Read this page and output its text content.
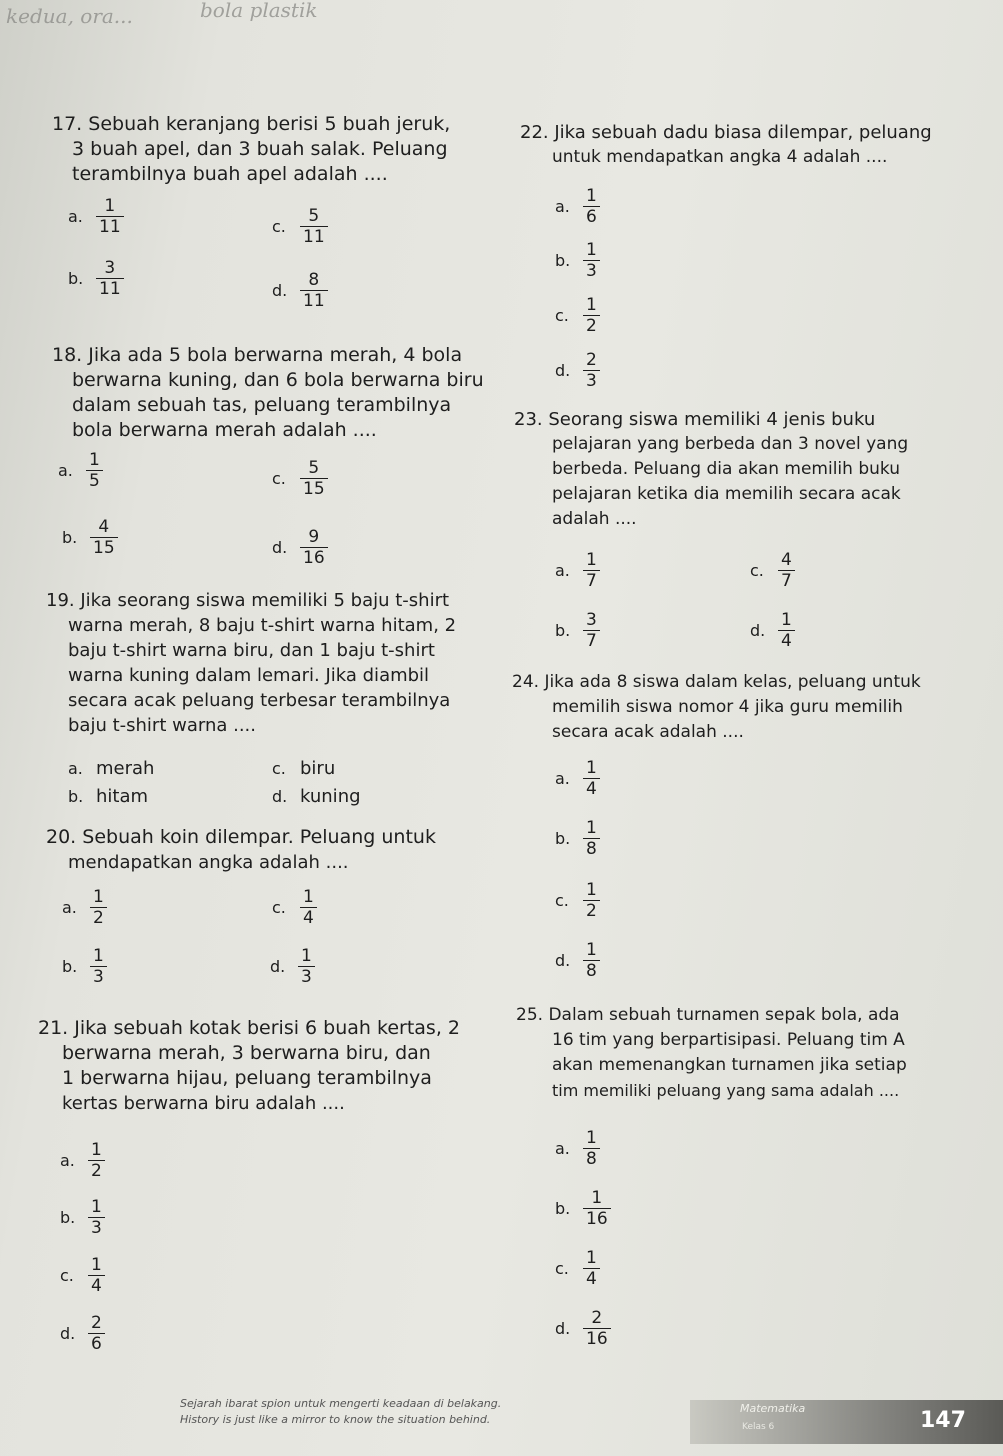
kedua, ora...	bola plastik
17. Sebuah keranjang berisi 5 buah jeruk,
3 buah apel, dan 3 buah salak. Peluang
terambilnya buah apel adalah ....
a. $\frac{1}{11}$	c. $\frac{5}{11}$
b. $\frac{3}{11}$	d. $\frac{8}{11}$
18. Jika ada 5 bola berwarna merah, 4 bola
berwarna kuning, dan 6 bola berwarna biru
dalam sebuah tas, peluang terambilnya
bola berwarna merah adalah ....
a. $\frac{1}{5}$	c. $\frac{5}{15}$
b. $\frac{4}{15}$	d. $\frac{9}{16}$
19. Jika seorang siswa memiliki 5 baju t-shirt
warna merah, 8 baju t-shirt warna hitam, 2
baju t-shirt warna biru, dan 1 baju t-shirt
warna kuning dalam lemari. Jika diambil
secara acak peluang terbesar terambilnya
baju t-shirt warna ....
a. merah	c. biru
b. hitam	d. kuning
20. Sebuah koin dilempar. Peluang untuk
mendapatkan angka adalah ....
a. $\frac{1}{2}$	c. $\frac{1}{4}$
b. $\frac{1}{3}$	d. $\frac{1}{3}$
21. Jika sebuah kotak berisi 6 buah kertas, 2
berwarna merah, 3 berwarna biru, dan
1 berwarna hijau, peluang terambilnya
kertas berwarna biru adalah ....
a. $\frac{1}{2}$
b. $\frac{1}{3}$
c. $\frac{1}{4}$
d. $\frac{2}{6}$
22. Jika sebuah dadu biasa dilempar, peluang
untuk mendapatkan angka 4 adalah ....
a. $\frac{1}{6}$
b. $\frac{1}{3}$
c. $\frac{1}{2}$
d. $\frac{2}{3}$
23. Seorang siswa memiliki 4 jenis buku
pelajaran yang berbeda dan 3 novel yang
berbeda. Peluang dia akan memilih buku
pelajaran ketika dia memilih secara acak
adalah ....
a. $\frac{1}{7}$	c. $\frac{4}{7}$
b. $\frac{3}{7}$	d. $\frac{1}{4}$
24. Jika ada 8 siswa dalam kelas, peluang untuk
memilih siswa nomor 4 jika guru memilih
secara acak adalah ....
a. $\frac{1}{4}$
b. $\frac{1}{8}$
c. $\frac{1}{2}$
d. $\frac{1}{8}$
25. Dalam sebuah turnamen sepak bola, ada
16 tim yang berpartisipasi. Peluang tim A
akan memenangkan turnamen jika setiap
tim memiliki peluang yang sama adalah ....
a. $\frac{1}{8}$
b. $\frac{1}{16}$
c. $\frac{1}{4}$
d. $\frac{2}{16}$
Sejarah ibarat spion untuk mengerti keadaan di belakang.
History is just like a mirror to know the situation behind.
Matematika
Kelas 6	147
